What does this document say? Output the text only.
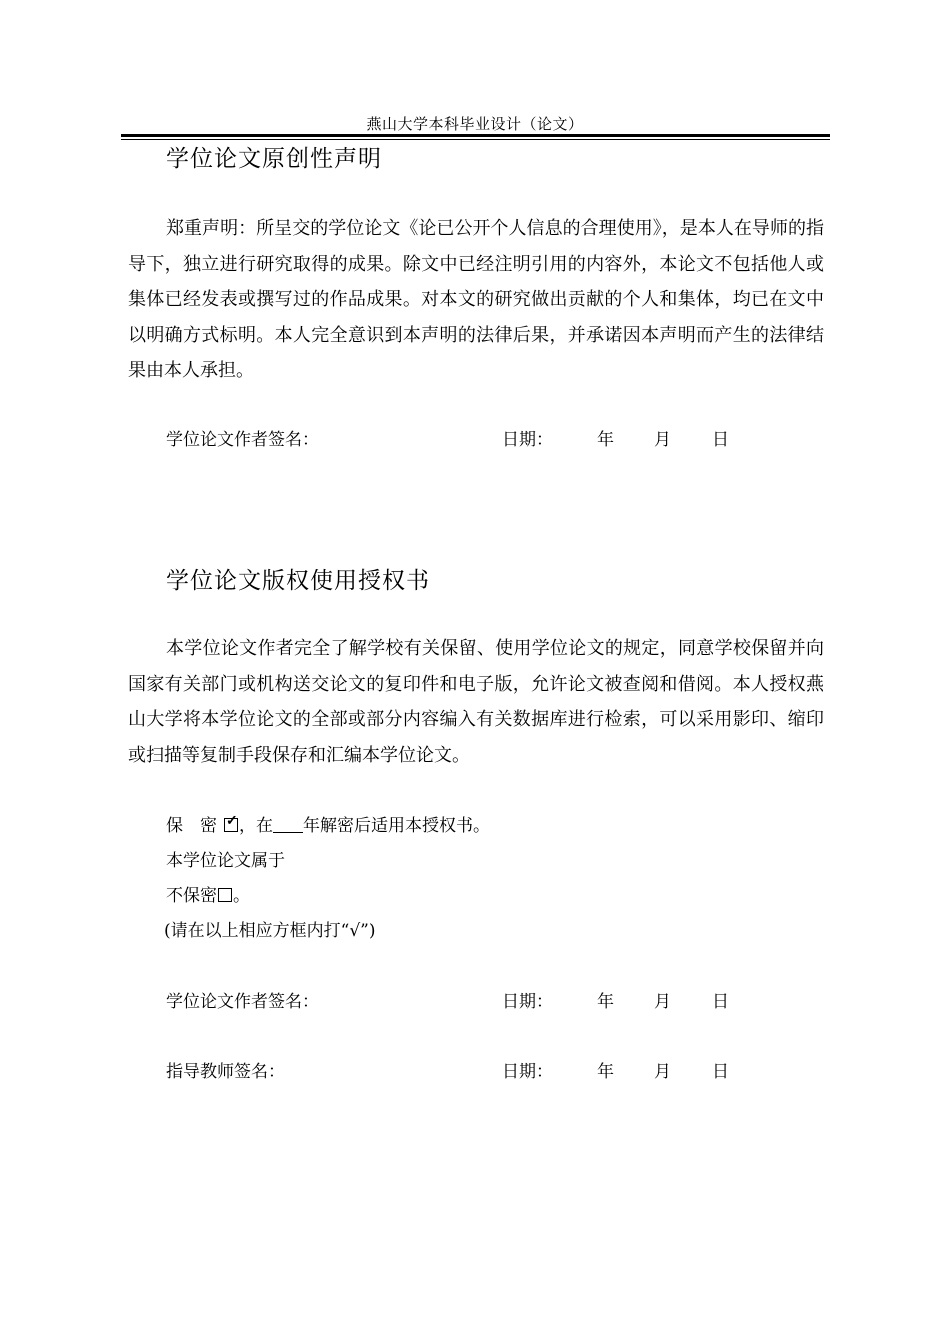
燕山大学本科毕业设计（论文）
学位论文原创性声明
郑重声明：所呈交的学位论文《论已公开个人信息的合理使用》，是本人在导师的指导下，独立进行研究取得的成果。除文中已经注明引用的内容外，本论文不包括他人或集体已经发表或撰写过的作品成果。对本文的研究做出贡献的个人和集体，均已在文中以明确方式标明。本人完全意识到本声明的法律后果，并承诺因本声明而产生的法律结果由本人承担。
学位论文作者签名：	日期：	年 月 日
学位论文版权使用授权书
本学位论文作者完全了解学校有关保留、使用学位论文的规定，同意学校保留并向国家有关部门或机构送交论文的复印件和电子版，允许论文被查阅和借阅。本人授权燕山大学将本学位论文的全部或部分内容编入有关数据库进行检索，可以采用影印、缩印或扫描等复制手段保存和汇编本学位论文。
保　密 ✓ ，在 年解密后适用本授权书。
本学位论文属于
不保密 。
(请在以上相应方框内打“√”)
学位论文作者签名：	日期：	年 月 日
指导教师签名：	日期：	年 月 日
